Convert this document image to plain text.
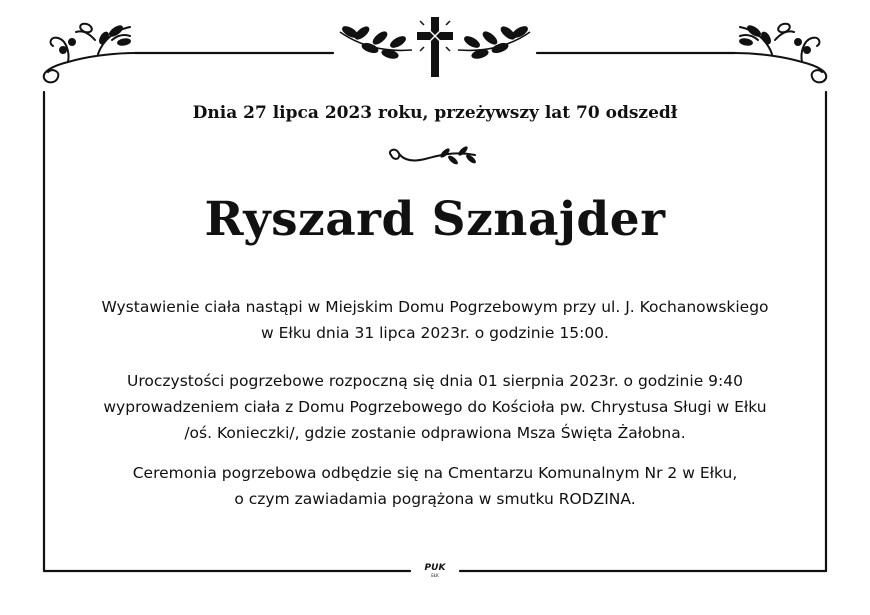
Dnia 27 lipca 2023 roku, przeżywszy lat 70 odszedł
Ryszard Sznajder
Wystawienie ciała nastąpi w Miejskim Domu Pogrzebowym przy ul. J. Kochanowskiego
w Ełku dnia 31 lipca 2023r. o godzinie 15:00.
Uroczystości pogrzebowe rozpoczną się dnia 01 sierpnia 2023r. o godzinie 9:40
wyprowadzeniem ciała z Domu Pogrzebowego do Kościoła pw. Chrystusa Sługi w Ełku
/oś. Konieczki/, gdzie zostanie odprawiona Msza Święta Żałobna.
Ceremonia pogrzebowa odbędzie się na Cmentarzu Komunalnym Nr 2 w Ełku,
o czym zawiadamia pogrążona w smutku RODZINA.
PUK
EŁK
